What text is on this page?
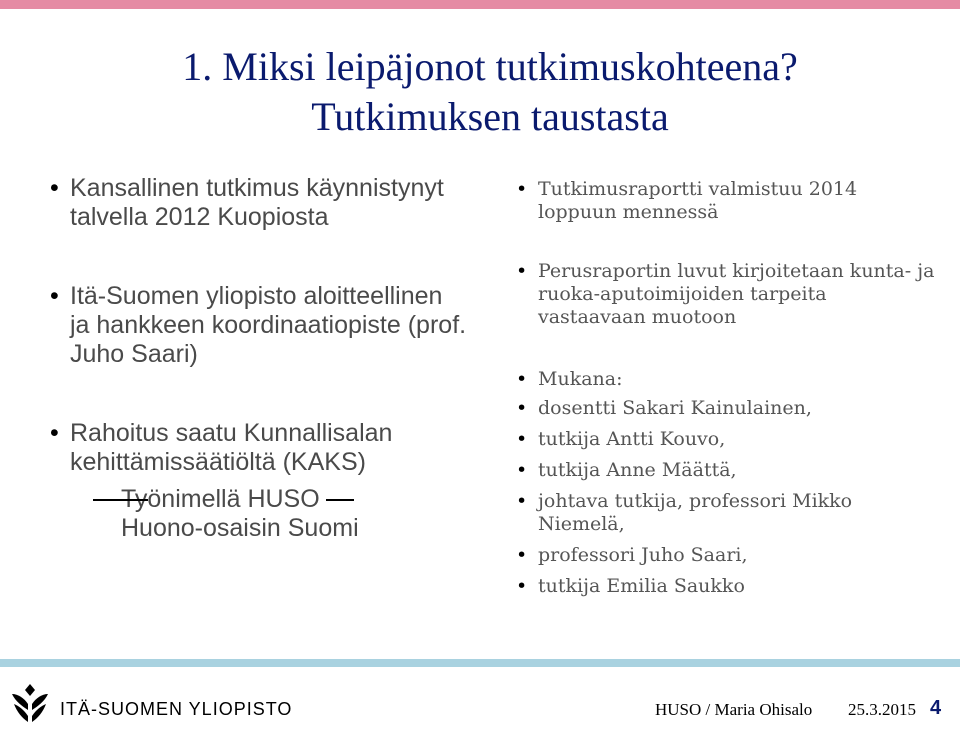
1. Miksi leipäjonot tutkimuskohteena?
Tutkimuksen taustasta
• Kansallinen tutkimus käynnistynyt talvella 2012 Kuopiosta
• Itä-Suomen yliopisto aloitteellinen ja hankkeen koordinaatiopiste (prof. Juho Saari)
• Rahoitus saatu Kunnallisalan kehittämissäätiöltä (KAKS)
Työnimellä HUSO
Huono-osaisin Suomi
• Tutkimusraportti valmistuu 2014 loppuun mennessä
• Perusraportin luvut kirjoitetaan kunta- ja ruoka-aputoimijoiden tarpeita vastaavaan muotoon
• Mukana:
• dosentti Sakari Kainulainen,
• tutkija Antti Kouvo,
• tutkija Anne Määttä,
• johtava tutkija, professori Mikko Niemelä,
• professori Juho Saari,
• tutkija Emilia Saukko
ITÄ-SUOMEN YLIOPISTO	HUSO / Maria Ohisalo 25.3.2015 4
